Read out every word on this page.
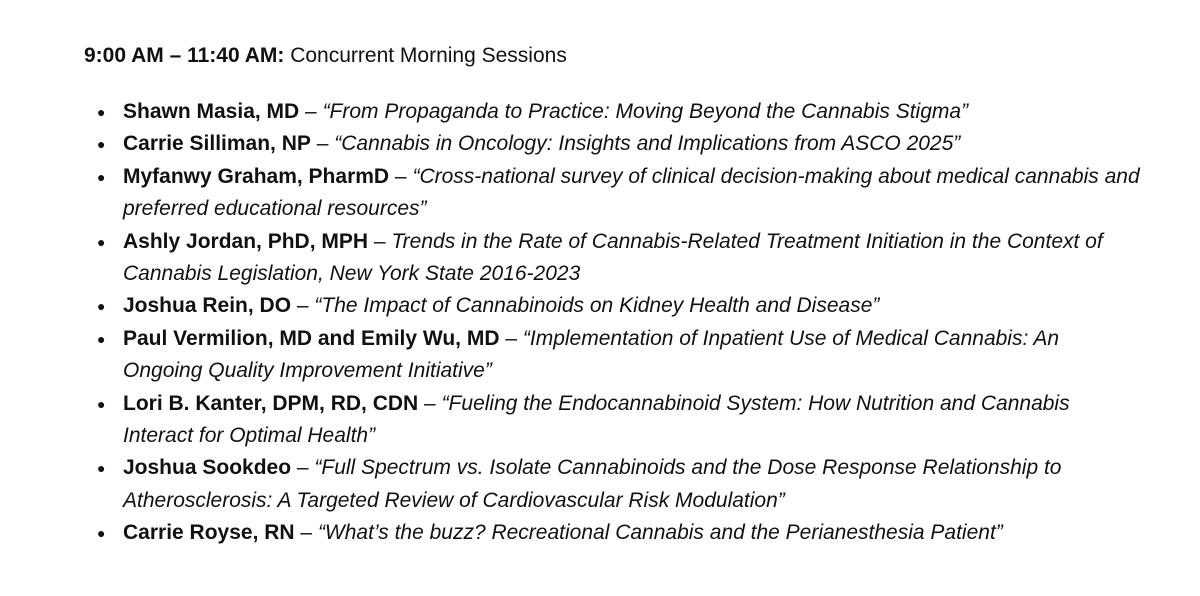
9:00 AM – 11:40 AM: Concurrent Morning Sessions
● Shawn Masia, MD – “From Propaganda to Practice: Moving Beyond the Cannabis Stigma”
● Carrie Silliman, NP – “Cannabis in Oncology: Insights and Implications from ASCO 2025”
● Myfanwy Graham, PharmD – “Cross-national survey of clinical decision-making about medical cannabis and preferred educational resources”
● Ashly Jordan, PhD, MPH – Trends in the Rate of Cannabis-Related Treatment Initiation in the Context of Cannabis Legislation, New York State 2016-2023
● Joshua Rein, DO – “The Impact of Cannabinoids on Kidney Health and Disease”
● Paul Vermilion, MD and Emily Wu, MD – “Implementation of Inpatient Use of Medical Cannabis: An Ongoing Quality Improvement Initiative”
● Lori B. Kanter, DPM, RD, CDN – “Fueling the Endocannabinoid System: How Nutrition and Cannabis Interact for Optimal Health”
● Joshua Sookdeo – “Full Spectrum vs. Isolate Cannabinoids and the Dose Response Relationship to Atherosclerosis: A Targeted Review of Cardiovascular Risk Modulation”
● Carrie Royse, RN – “What’s the buzz? Recreational Cannabis and the Perianesthesia Patient”
